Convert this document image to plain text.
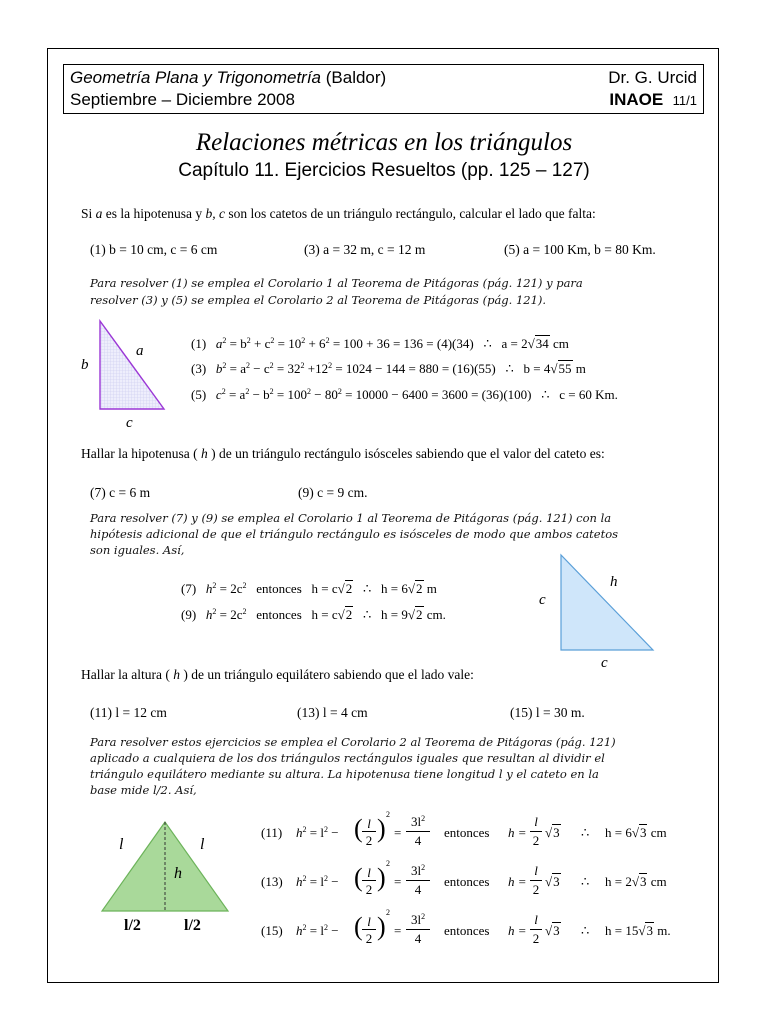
Geometría Plana y Trigonometría (Baldor)
Septiembre – Diciembre 2008
Dr. G. Urcid
INAOE 11/1
Relaciones métricas en los triángulos
Capítulo 11. Ejercicios Resueltos (pp. 125 – 127)
Si a es la hipotenusa y b, c son los catetos de un triángulo rectángulo, calcular el lado que falta:
(1) b = 10 cm, c = 6 cm	(3) a = 32 m, c = 12 m	(5) a = 100 Km, b = 80 Km.
Para resolver (1) se emplea el Corolario 1 al Teorema de Pitágoras (pág. 121) y para
resolver (3) y (5) se emplea el Corolario 2 al Teorema de Pitágoras (pág. 121).
b
a
c
(1) $a^2 = b^2 + c^2 = 10^2 + 6^2 = 100 + 36 = 136 = (4)(34)$ ∴ a = 2√34 cm
(3) $b^2 = a^2 - c^2 = 32^2 +12^2 = 1024 - 144 = 880 = (16)(55)$ ∴ b = 4√55 m
(5) $c^2 = a^2 - b^2 = 100^2 - 80^2 = 10000 - 6400 = 3600 = (36)(100)$ ∴ c = 60 Km.
Hallar la hipotenusa ( h ) de un triángulo rectángulo isósceles sabiendo que el valor del cateto es:
(7) c = 6 m	(9) c = 9 cm.
Para resolver (7) y (9) se emplea el Corolario 1 al Teorema de Pitágoras (pág. 121) con la
hipótesis adicional de que el triángulo rectángulo es isósceles de modo que ambos catetos
son iguales. Así,
(7) $h^2 = 2c^2$ entonces h = c√2 ∴ h = 6√2 m
(9) $h^2 = 2c^2$ entonces h = c√2 ∴ h = 9√2 cm.
c
h
c
Hallar la altura ( h ) de un triángulo equilátero sabiendo que el lado vale:
(11) l = 12 cm	(13) l = 4 cm	(15) l = 30 m.
Para resolver estos ejercicios se emplea el Corolario 2 al Teorema de Pitágoras (pág. 121)
aplicado a cualquiera de los dos triángulos rectángulos iguales que resultan al dividir el
triángulo equilátero mediante su altura. La hipotenusa tiene longitud l y el cateto en la
base mide l/2. Así,
l	l
h
l/2	l/2
(11) $h^2 = l^2$ − ( l
2 ) 2
=
$3l^2$
4
entonces h =
l
2
√3 ∴ h = 6√3 cm
(13) $h^2 = l^2$ − ( l
2 ) 2
=
$3l^2$
4
entonces h =
l
2
√3 ∴ h = 2√3 cm
(15) $h^2 = l^2$ − ( l
2 ) 2
=
$3l^2$
4
entonces h =
l
2
√3 ∴ h = 15√3 m.
